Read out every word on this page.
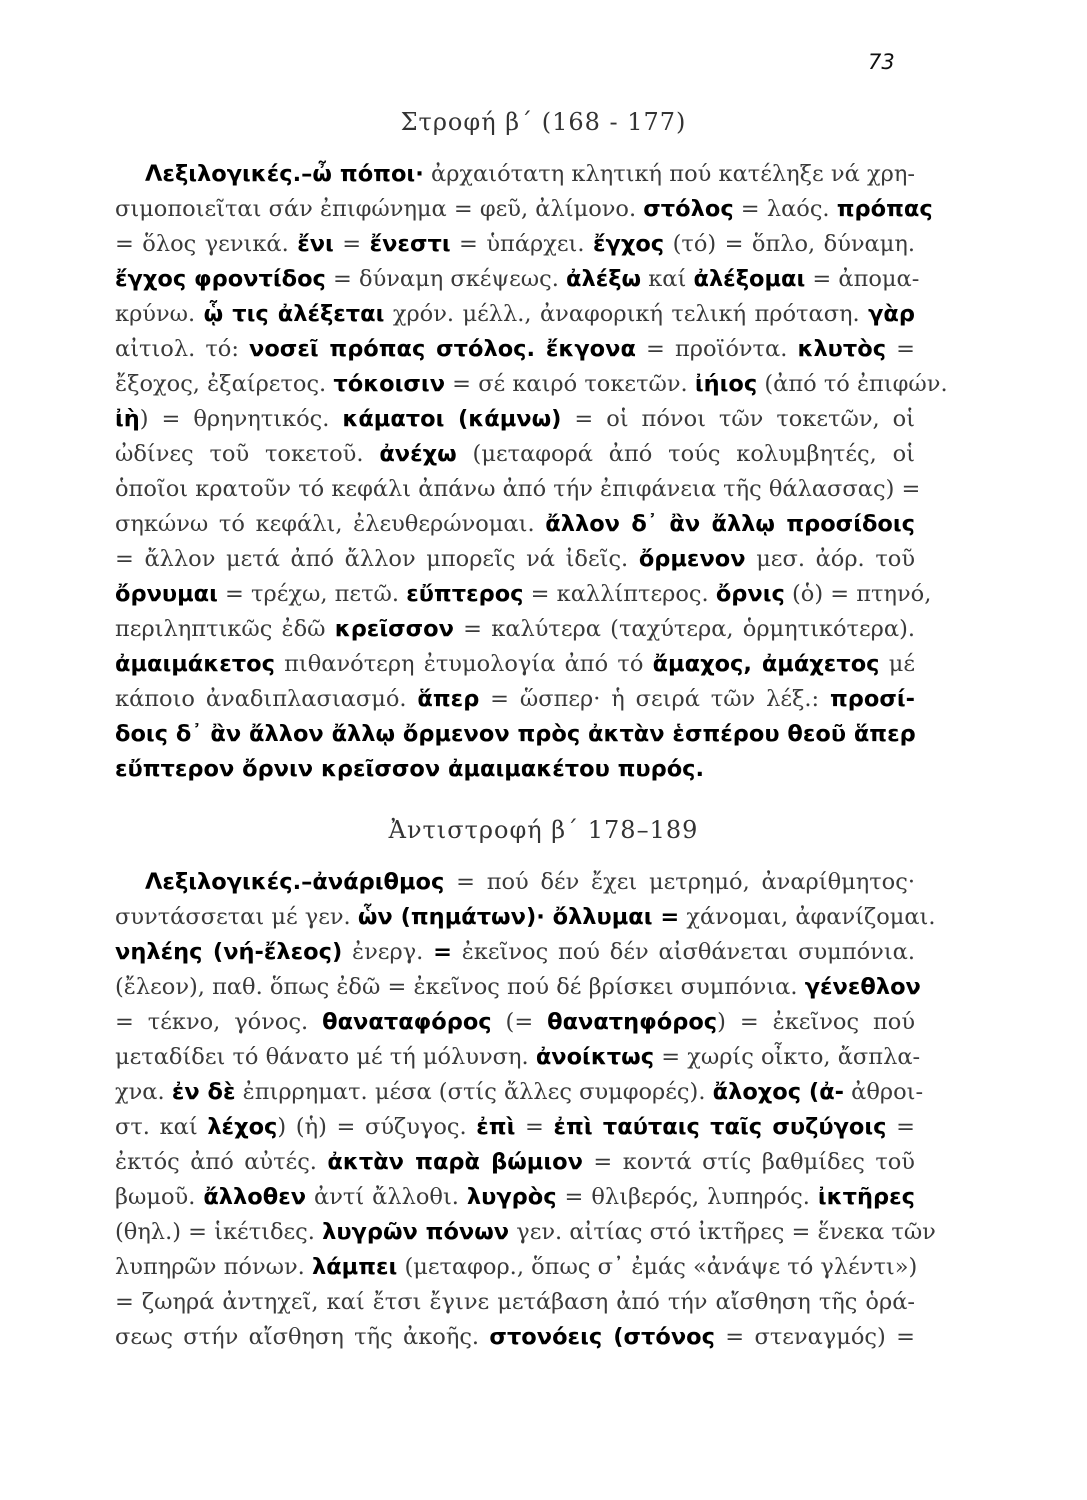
73
Στροφή β΄ (168 - 177)
Λεξιλογικές.–ὦ πόποι· ἀρχαιότατη κλητική πού κατέληξε νά χρη-
σιμοποιεῖται σάν ἐπιφώνημα = φεῦ, ἀλίμονο. στόλος = λαός. πρόπας
= ὅλος γενικά. ἔνι = ἔνεστι = ὑπάρχει. ἔγχος (τό) = ὅπλο, δύναμη.
ἔγχος φροντίδος = δύναμη σκέψεως. ἀλέξω καί ἀλέξομαι = ἀπομα-
κρύνω. ᾧ τις ἀλέξεται χρόν. μέλλ., ἀναφορική τελική πρόταση. γὰρ
αἰτιολ. τό: νοσεῖ πρόπας στόλος. ἔκγονα = προϊόντα. κλυτὸς =
ἔξοχος, ἐξαίρετος. τόκοισιν = σέ καιρό τοκετῶν. ἰήιος (ἀπό τό ἐπιφών.
ἰὴ) = θρηνητικός. κάματοι (κάμνω) = οἱ πόνοι τῶν τοκετῶν, οἱ
ὠδίνες τοῦ τοκετοῦ. ἀνέχω (μεταφορά ἀπό τούς κολυμβητές, οἱ
ὁποῖοι κρατοῦν τό κεφάλι ἀπάνω ἀπό τήν ἐπιφάνεια τῆς θάλασσας) =
σηκώνω τό κεφάλι, ἐλευθερώνομαι. ἄλλον δ᾽ ἂν ἄλλῳ προσίδοις
= ἄλλον μετά ἀπό ἄλλον μπορεῖς νά ἰδεῖς. ὄρμενον μεσ. ἀόρ. τοῦ
ὄρνυμαι = τρέχω, πετῶ. εὔπτερος = καλλίπτερος. ὄρνις (ὁ) = πτηνό,
περιληπτικῶς ἐδῶ κρεῖσσον = καλύτερα (ταχύτερα, ὁρμητικότερα).
ἀμαιμάκετος πιθανότερη ἐτυμολογία ἀπό τό ἄμαχος, ἀμάχετος μέ
κάποιο ἀναδιπλασιασμό. ἅπερ = ὥσπερ· ἡ σειρά τῶν λέξ.: προσί-
δοις δ᾽ ἂν ἄλλον ἄλλῳ ὄρμενον πρὸς ἀκτὰν ἑσπέρου θεοῦ ἅπερ
εὔπτερον ὄρνιν κρεῖσσον ἀμαιμακέτου πυρός.
Ἀντιστροφή β΄ 178–189
Λεξιλογικές.–ἀνάριθμος = πού δέν ἔχει μετρημό, ἀναρίθμητος·
συντάσσεται μέ γεν. ὧν (πημάτων)· ὄλλυμαι = χάνομαι, ἀφανίζομαι.
νηλέης (νή-ἔλεος) ἐνεργ. = ἐκεῖνος πού δέν αἰσθάνεται συμπόνια.
(ἔλεον), παθ. ὅπως ἐδῶ = ἐκεῖνος πού δέ βρίσκει συμπόνια. γένεθλον
= τέκνο, γόνος. θαναταφόρος (= θανατηφόρος) = ἐκεῖνος πού
μεταδίδει τό θάνατο μέ τή μόλυνση. ἀνοίκτως = χωρίς οἶκτο, ἄσπλα-
χνα. ἐν δὲ ἐπιρρηματ. μέσα (στίς ἄλλες συμφορές). ἄλοχος (ἀ- ἀθροι-
στ. καί λέχος) (ἡ) = σύζυγος. ἐπὶ = ἐπὶ ταύταις ταῖς συζύγοις =
ἐκτός ἀπό αὐτές. ἀκτὰν παρὰ βώμιον = κοντά στίς βαθμίδες τοῦ
βωμοῦ. ἄλλοθεν ἀντί ἄλλοθι. λυγρὸς = θλιβερός, λυπηρός. ἰκτῆρες
(θηλ.) = ἱκέτιδες. λυγρῶν πόνων γεν. αἰτίας στό ἰκτῆρες = ἕνεκα τῶν
λυπηρῶν πόνων. λάμπει (μεταφορ., ὅπως σ᾽ ἐμάς «ἀνάψε τό γλέντι»)
= ζωηρά ἀντηχεῖ, καί ἔτσι ἔγινε μετάβαση ἀπό τήν αἴσθηση τῆς ὁρά-
σεως στήν αἴσθηση τῆς ἀκοῆς. στονόεις (στόνος = στεναγμός) =
